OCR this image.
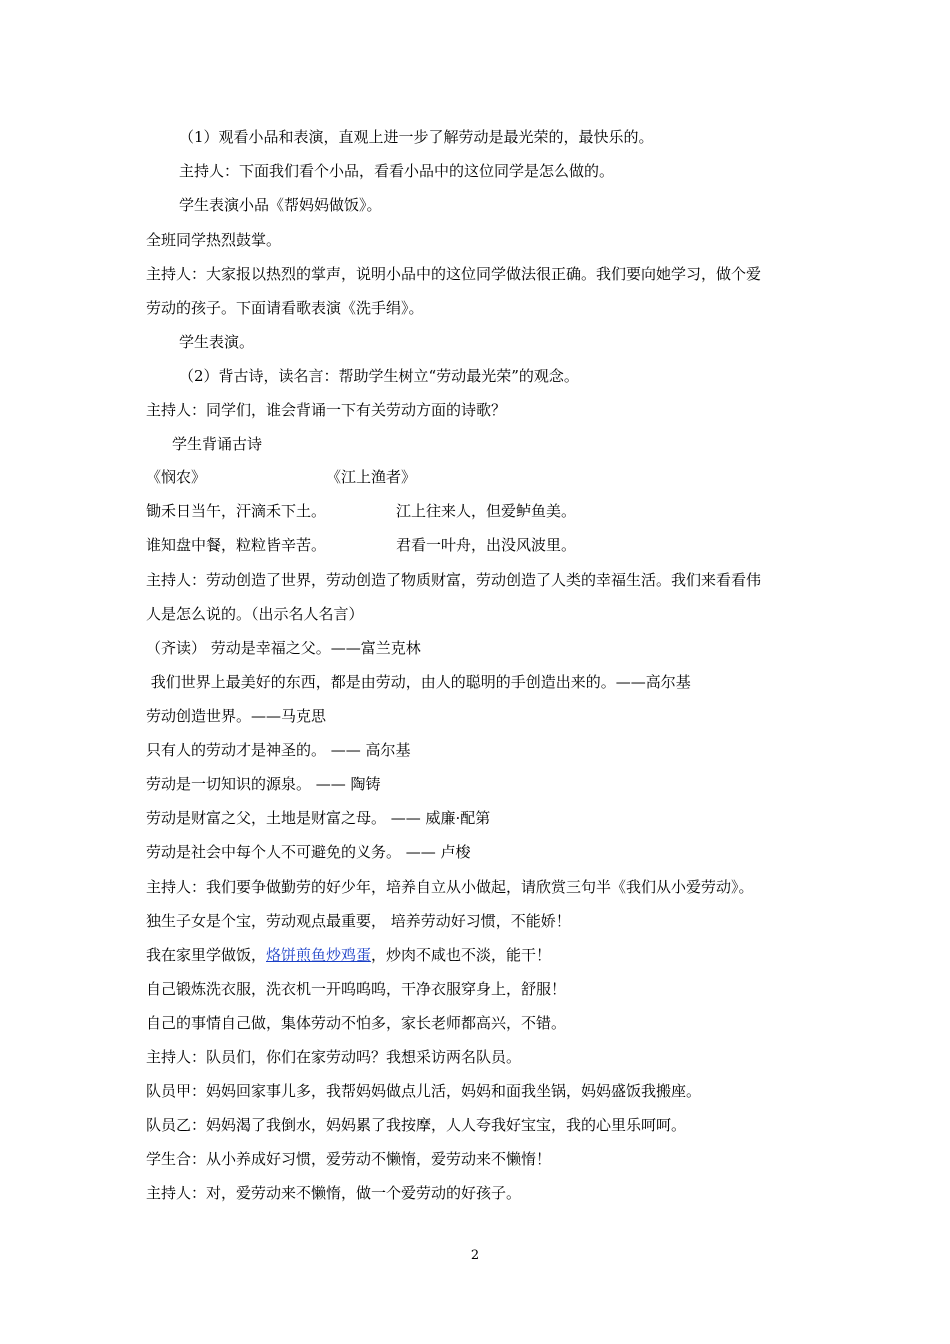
（1）观看小品和表演，直观上进一步了解劳动是最光荣的，最快乐的。
主持人：下面我们看个小品，看看小品中的这位同学是怎么做的。
学生表演小品《帮妈妈做饭》。
全班同学热烈鼓掌。
主持人：大家报以热烈的掌声，说明小品中的这位同学做法很正确。我们要向她学习，做个爱
劳动的孩子。下面请看歌表演《洗手绢》。
学生表演。
（2）背古诗，读名言：帮助学生树立“劳动最光荣”的观念。
主持人：同学们，谁会背诵一下有关劳动方面的诗歌？
学生背诵古诗
《悯农》	《江上渔者》
锄禾日当午，汗滴禾下土。	江上往来人，但爱鲈鱼美。
谁知盘中餐，粒粒皆辛苦。	君看一叶舟，出没风波里。
主持人：劳动创造了世界，劳动创造了物质财富，劳动创造了人类的幸福生活。我们来看看伟
人是怎么说的。（出示名人名言）
（齐读） 劳动是幸福之父。——富兰克林
我们世界上最美好的东西，都是由劳动，由人的聪明的手创造出来的。——高尔基
劳动创造世界。——马克思
只有人的劳动才是神圣的。 —— 高尔基
劳动是一切知识的源泉。 —— 陶铸
劳动是财富之父，土地是财富之母。 —— 威廉·配第
劳动是社会中每个人不可避免的义务。 —— 卢梭
主持人：我们要争做勤劳的好少年，培养自立从小做起，请欣赏三句半《我们从小爱劳动》。
独生子女是个宝，劳动观点最重要， 培养劳动好习惯，不能娇！
我在家里学做饭，烙饼煎鱼炒鸡蛋，炒肉不咸也不淡，能干！
自己锻炼洗衣服，洗衣机一开呜呜呜，干净衣服穿身上，舒服！
自己的事情自己做，集体劳动不怕多，家长老师都高兴，不错。
主持人：队员们，你们在家劳动吗？我想采访两名队员。
队员甲：妈妈回家事儿多，我帮妈妈做点儿活，妈妈和面我坐锅，妈妈盛饭我搬座。
队员乙：妈妈渴了我倒水，妈妈累了我按摩，人人夸我好宝宝，我的心里乐呵呵。
学生合：从小养成好习惯，爱劳动不懒惰，爱劳动来不懒惰！
主持人：对，爱劳动来不懒惰，做一个爱劳动的好孩子。
2
